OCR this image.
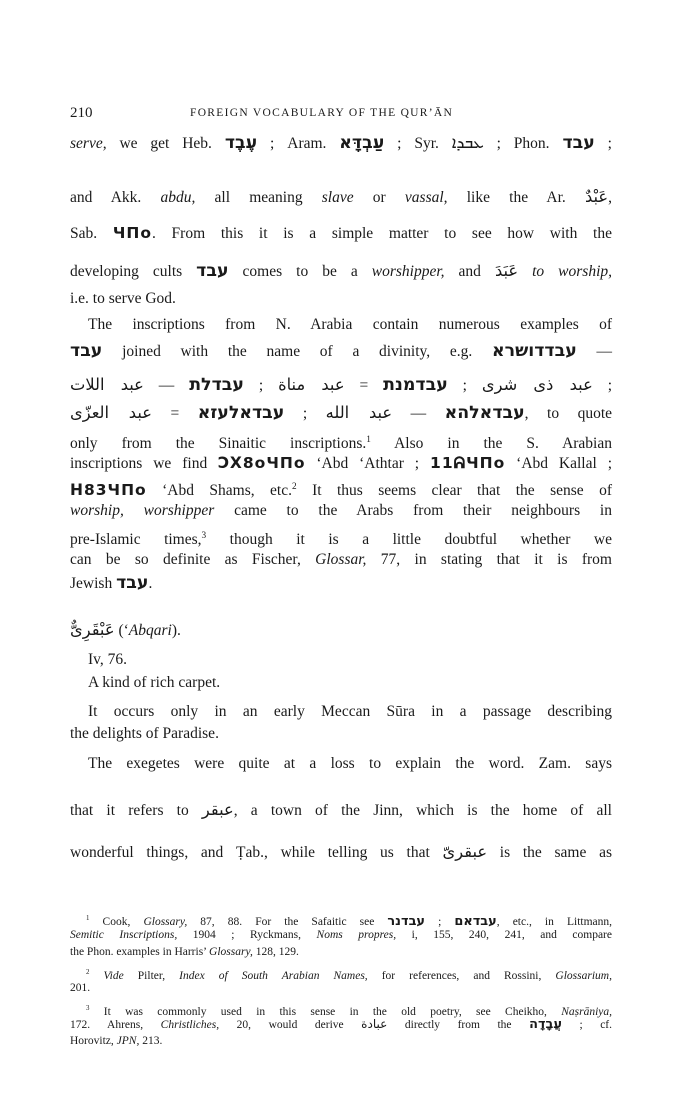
210	FOREIGN VOCABULARY OF THE QUR’ĀN
serve, we get Heb. עֶבֶד ; Aram. עַבְדָּא ; Syr. ܥܒܕܐ ; Phon. עבד ;
and Akk. abdu, all meaning slave or vassal, like the Ar. عَبْدٌ,
Sab. ЧПo. From this it is a simple matter to see how with the
developing cults עבד comes to be a worshipper, and عَبَدَ to worship,
i.e. to serve God.
The inscriptions from N. Arabia contain numerous examples of
עבד joined with the name of a divinity, e.g. עבדדושרא —
عبد ذى شرى ; עבדמנת = عبد مناة ; עבדלת — عبد اللات	;
עבדאלהא — عبد الله ; עבדאלעזא = عبد العزّى	, to quote
only from the Sinaitic inscriptions.$^1$ Also in the S. Arabian
inscriptions we find ϽΧ8oЧПo ‘Abd ‘Athtar ; 11ᕱЧПo ‘Abd Kallal ;
ᕼ83ЧПo ‘Abd Shams, etc.$^2$ It thus seems clear that the sense of
worship, worshipper came to the Arabs from their neighbours in
pre-Islamic times,$^3$ though it is a little doubtful whether we
can be so definite as Fischer, Glossar, 77, in stating that it is from
Jewish עבד.
عَبْقَرِىٌّ (‘Abqari).
Iv, 76.
A kind of rich carpet.
It occurs only in an early Meccan Sūra in a passage describing
the delights of Paradise.
The exegetes were quite at a loss to explain the word. Zam. says
that it refers to عبقر, a town of the Jinn, which is the home of all
wonderful things, and Ṭab., while telling us that عبقرىّ is the same as
$^1$ Cook, Glossary, 87, 88. For the Safaitic see	עבדאם ; עבדנר	, etc., in Littmann,
Semitic Inscriptions, 1904 ; Ryckmans, Noms propres, i, 155, 240, 241, and compare
the Phon. examples in Harris’ Glossary, 128, 129.
$^2$ Vide Pilter, Index of South Arabian Names, for references, and Rossini, Glossarium,
201.
$^3$ It was commonly used in this sense in the old poetry, see Cheikho, Naṣrāniya,
172. Ahrens, Christliches, 20, would derive عبادة directly from the עֲבָדָה ; cf.
Horovitz, JPN, 213.
